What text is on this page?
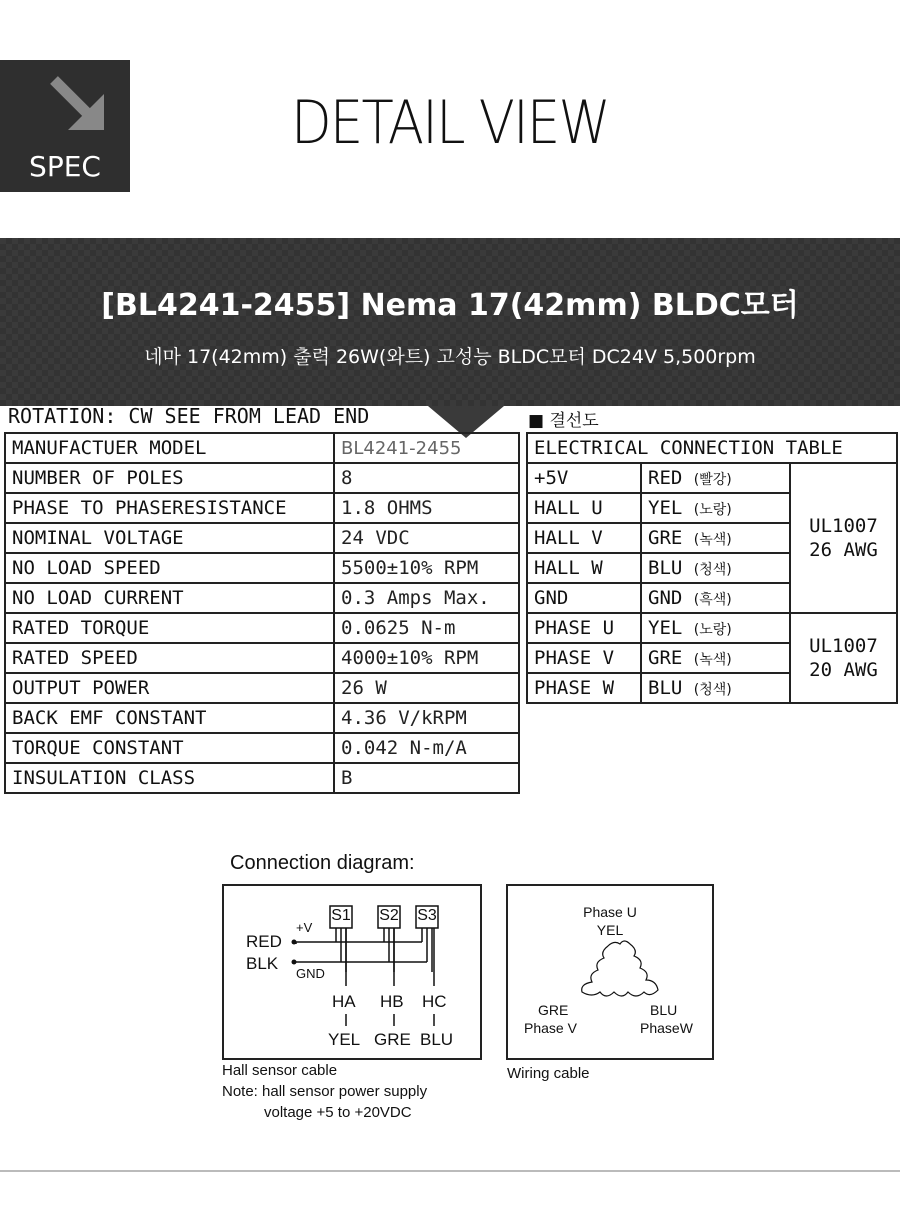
SPEC
DETAIL VIEW
[BL4241-2455] Nema 17(42mm) BLDC모터
네마 17(42mm) 출력 26W(와트) 고성능 BLDC모터 DC24V 5,500rpm
ROTATION: CW SEE FROM LEAD END	■ 결선도
MANUFACTUER MODEL	BL4241-2455
NUMBER OF POLES	8
PHASE TO PHASERESISTANCE	1.8 OHMS
NOMINAL VOLTAGE	24 VDC
NO LOAD SPEED	5500±10% RPM
NO LOAD CURRENT	0.3 Amps Max.
RATED TORQUE	0.0625 N-m
RATED SPEED	4000±10% RPM
OUTPUT POWER	26 W
BACK EMF CONSTANT	4.36 V/kRPM
TORQUE CONSTANT	0.042 N-m/A
INSULATION CLASS	B
ELECTRICAL CONNECTION TABLE		
+5V	RED (빨강)	UL1007
26 AWG
HALL U	YEL (노랑)	
HALL V	GRE (녹색)	
HALL W	BLU (청색)	
GND	GND (흑색)	
PHASE U	YEL (노랑)	UL1007
20 AWG
PHASE V	GRE (녹색)	
PHASE W	BLU (청색)	
Connection diagram:
S1 S2 S3
+V
GND
RED
BLK
HA HB HC
YEL GRE BLU
Hall sensor cable
Note: hall sensor power supply
voltage +5 to +20VDC
Phase U
YEL
GRE
Phase V
BLU
PhaseW
Wiring cable
